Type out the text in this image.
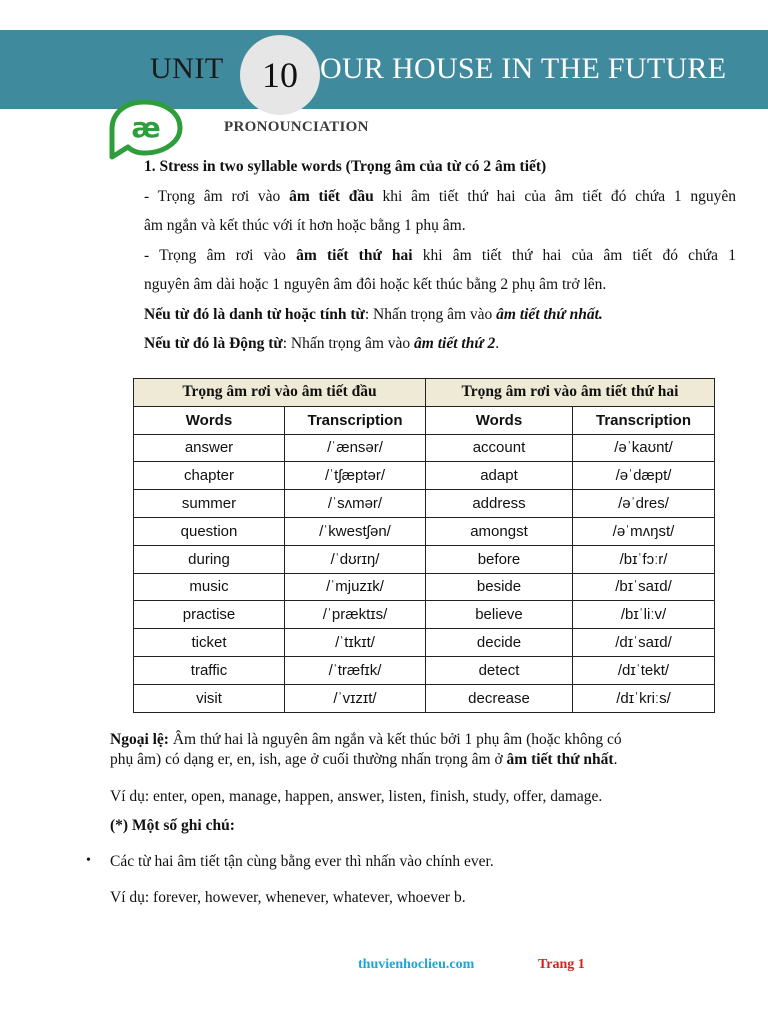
UNIT	10 OUR HOUSE IN THE FUTURE
æ	PRONOUNCIATION
1. Stress in two syllable words (Trọng âm của từ có 2 âm tiết)
- Trọng âm rơi vào âm tiết đầu khi âm tiết thứ hai của âm tiết đó chứa 1 nguyên
âm ngắn và kết thúc với ít hơn hoặc bằng 1 phụ âm.
- Trọng âm rơi vào âm tiết thứ hai khi âm tiết thứ hai của âm tiết đó chứa 1
nguyên âm dài hoặc 1 nguyên âm đôi hoặc kết thúc bằng 2 phụ âm trở lên.
Nếu từ đó là danh từ hoặc tính từ: Nhấn trọng âm vào âm tiết thứ nhất.
Nếu từ đó là Động từ: Nhấn trọng âm vào âm tiết thứ 2.
Trọng âm rơi vào âm tiết đầu		Trọng âm rơi vào âm tiết thứ hai	
Words	Transcription	Words	Transcription
answer	/ˈænsər/	account	/əˈkaʊnt/
chapter	/ˈtʃæptər/	adapt	/əˈdæpt/
summer	/ˈsʌmər/	address	/əˈdres/
question	/ˈkwestʃən/	amongst	/əˈmʌŋst/
during	/ˈdʊrɪŋ/	before	/bɪˈfɔːr/
music	/ˈmjuzɪk/	beside	/bɪˈsaɪd/
practise	/ˈpræktɪs/	believe	/bɪˈliːv/
ticket	/ˈtɪkɪt/	decide	/dɪˈsaɪd/
traffic	/ˈtræfɪk/	detect	/dɪˈtekt/
visit	/ˈvɪzɪt/	decrease	/dɪˈkriːs/
Ngoại lệ: Âm thứ hai là nguyên âm ngắn và kết thúc bởi 1 phụ âm (hoặc không có
phụ âm) có dạng er, en, ish, age ở cuối thường nhấn trọng âm ở âm tiết thứ nhất.
Ví dụ: enter, open, manage, happen, answer, listen, finish, study, offer, damage.
(*) Một số ghi chú:
• Các từ hai âm tiết tận cùng bằng ever thì nhấn vào chính ever.
Ví dụ: forever, however, whenever, whatever, whoever b.
thuvienhoclieu.com	Trang 1
